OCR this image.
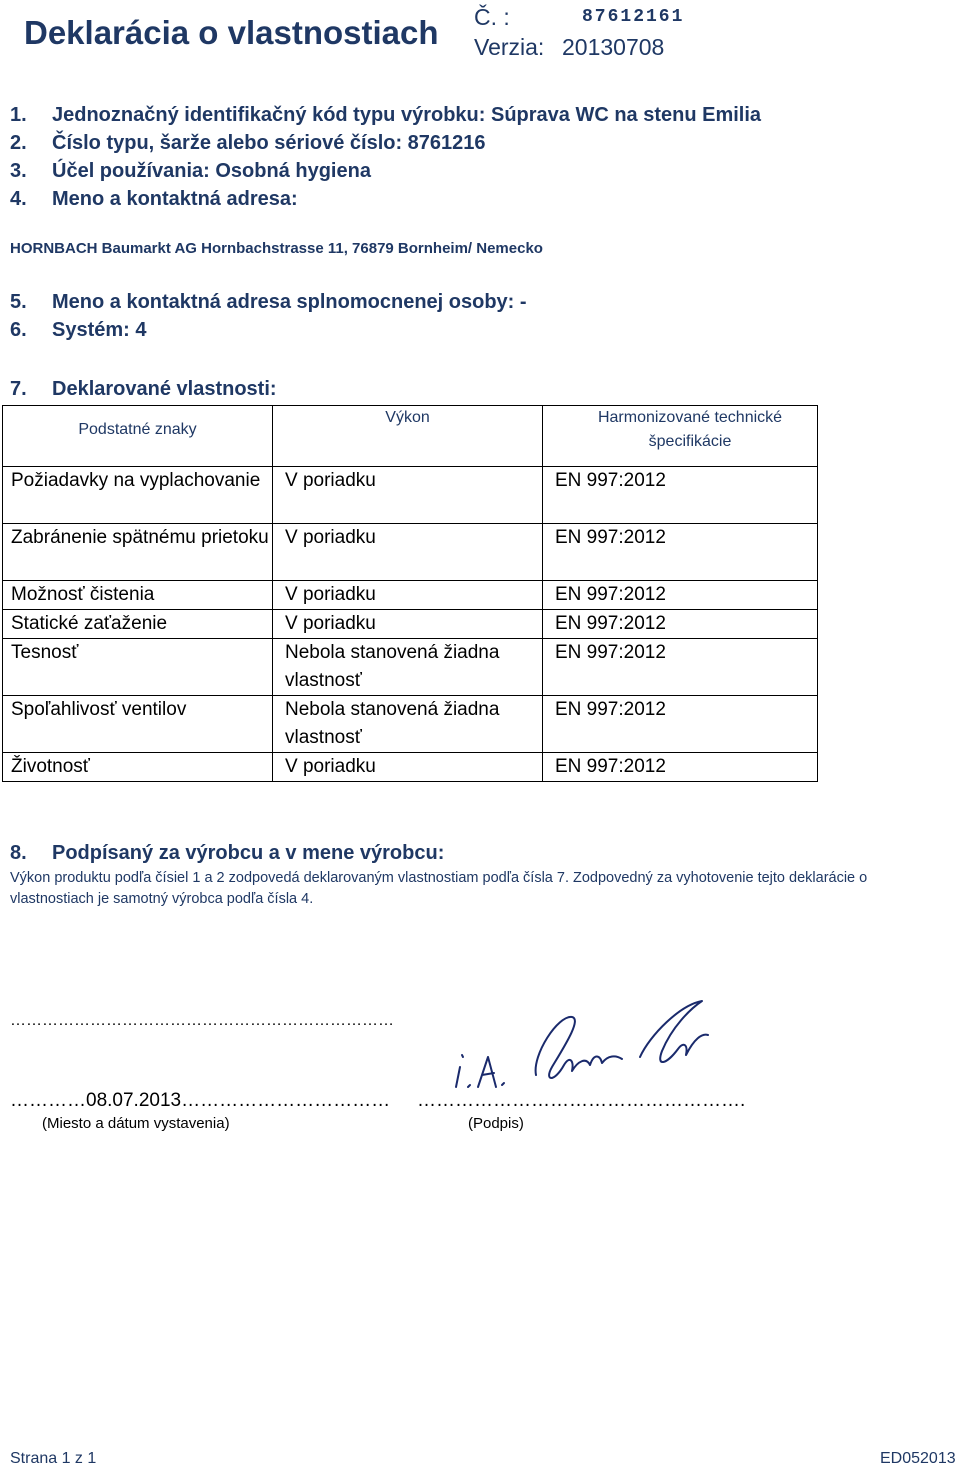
Deklarácia o vlastnostiach Č. :	87612161
Verzia: 20130708
1. Jednoznačný identifikačný kód typu výrobku: Súprava WC na stenu Emilia
2. Číslo typu, šarže alebo sériové číslo: 8761216
3. Účel používania: Osobná hygiena
4. Meno a kontaktná adresa:
HORNBACH Baumarkt AG Hornbachstrasse 11, 76879 Bornheim/ Nemecko
5. Meno a kontaktná adresa splnomocnenej osoby: -
6. Systém: 4
7. Deklarované vlastnosti:
Podstatné znaky	Výkon	Harmonizované technické špecifikácie
Požiadavky na vyplachovanie	V poriadku	EN 997:2012
Zabránenie spätnému prietoku	V poriadku	EN 997:2012
Možnosť čistenia	V poriadku	EN 997:2012
Statické zaťaženie	V poriadku	EN 997:2012
Tesnosť	Nebola stanovená žiadna vlastnosť	EN 997:2012
Spoľahlivosť ventilov	Nebola stanovená žiadna vlastnosť	EN 997:2012
Životnosť	V poriadku	EN 997:2012
8. Podpísaný za výrobcu a v mene výrobcu:
Výkon produktu podľa čísiel 1 a 2 zodpovedá deklarovaným vlastnostiam podľa čísla 7. Zodpovedný za vyhotovenie tejto deklarácie o vlastnostiach je samotný výrobca podľa čísla 4.
………………………………………………………………
…………08.07.2013…………………………… …………………………………………….
(Miesto a dátum vystavenia)	(Podpis)
Strana 1 z 1	ED052013
